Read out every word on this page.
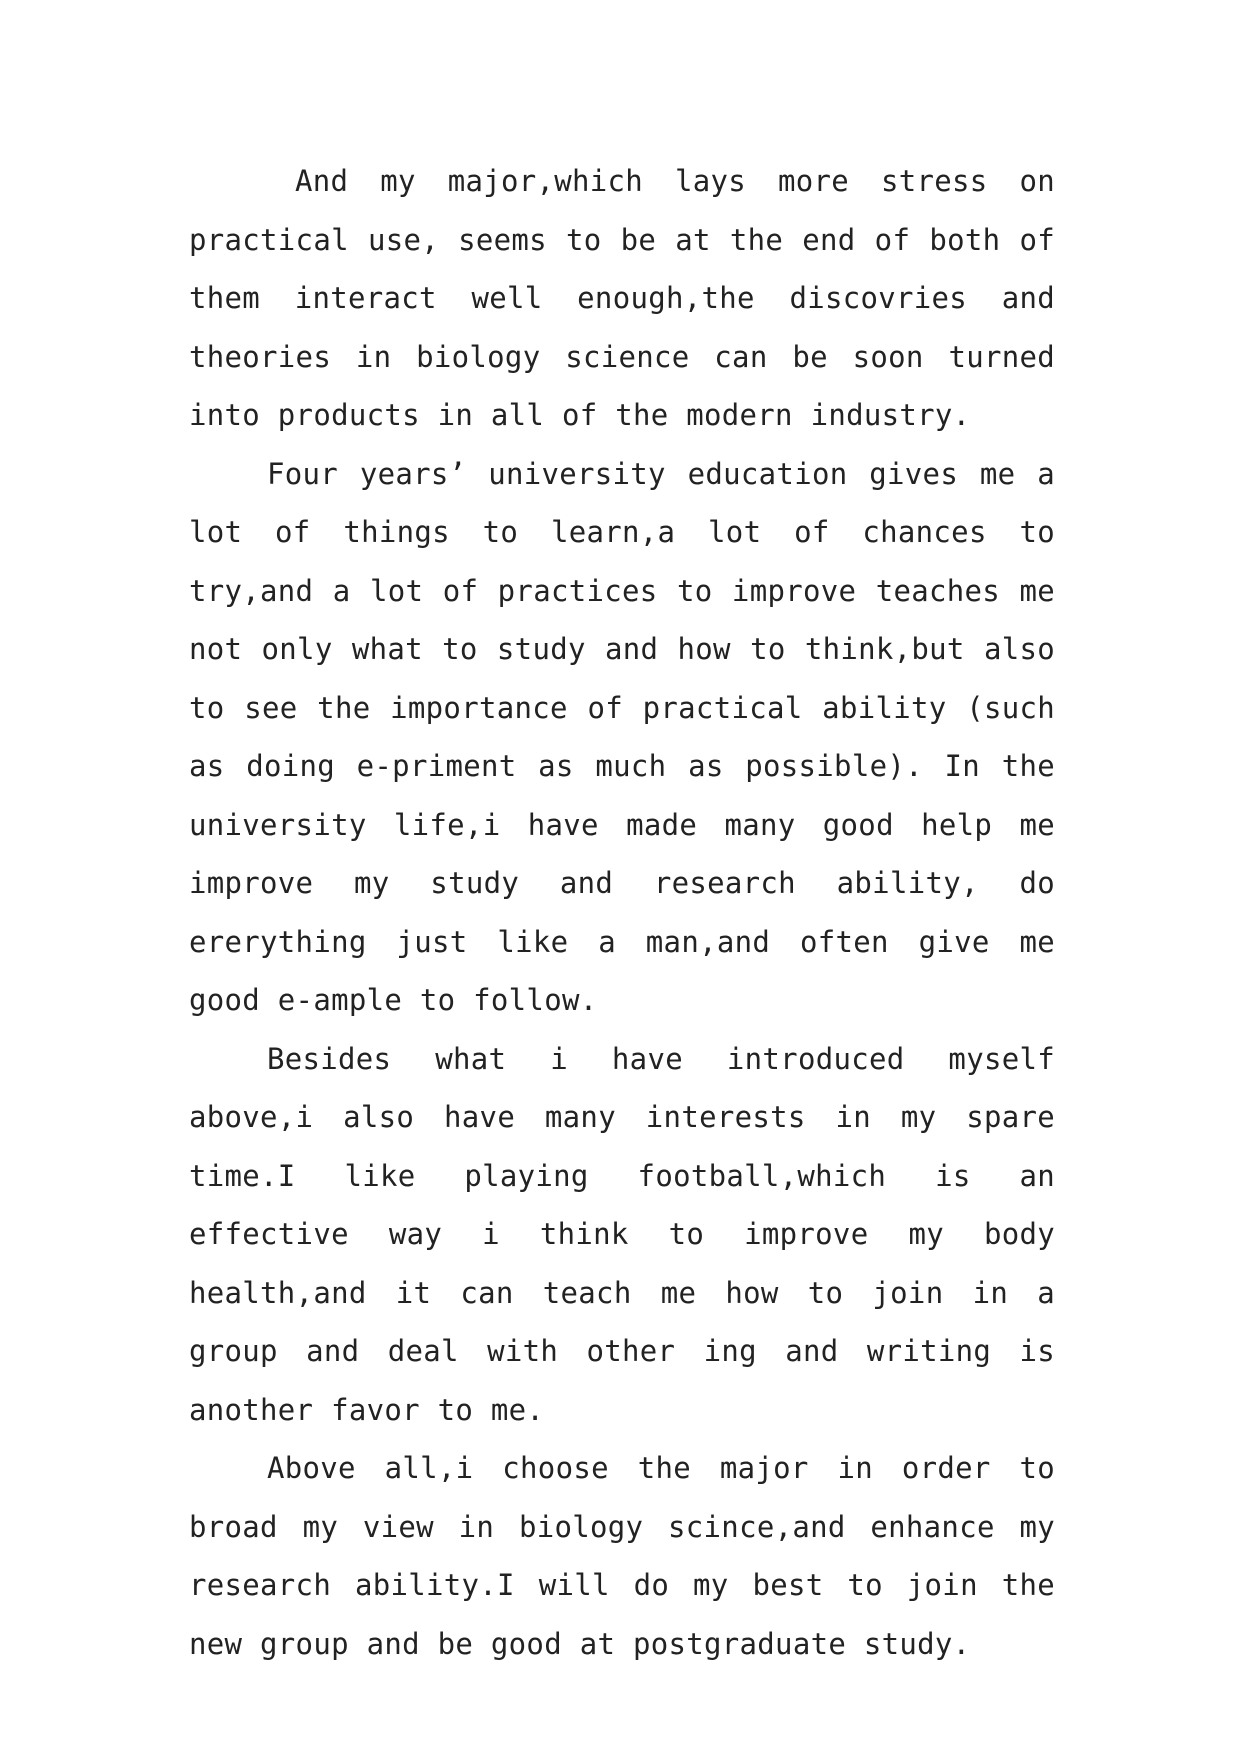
And my major,which lays more stress on practical use, seems to be at the end of both of them interact well enough,the discovries and theories in biology science can be soon turned into products in all of the modern industry.

Four years’ university education gives me a lot of things to learn,a lot of chances to try,and a lot of practices to improve teaches me not only what to study and how to think,but also to see the importance of practical ability (such as doing e-priment as much as possible). In the university life,i have made many good help me improve my study and research ability, do ererything just like a man,and often give me good e-ample to follow.

Besides what i have introduced myself above,i also have many interests in my spare time.I like playing football,which is an effective way i think to improve my body health,and it can teach me how to join in a group and deal with other ing and writing is another favor to me.

Above all,i choose the major in order to broad my view in biology scince,and enhance my research ability.I will do my best to join the new group and be good at postgraduate study.
